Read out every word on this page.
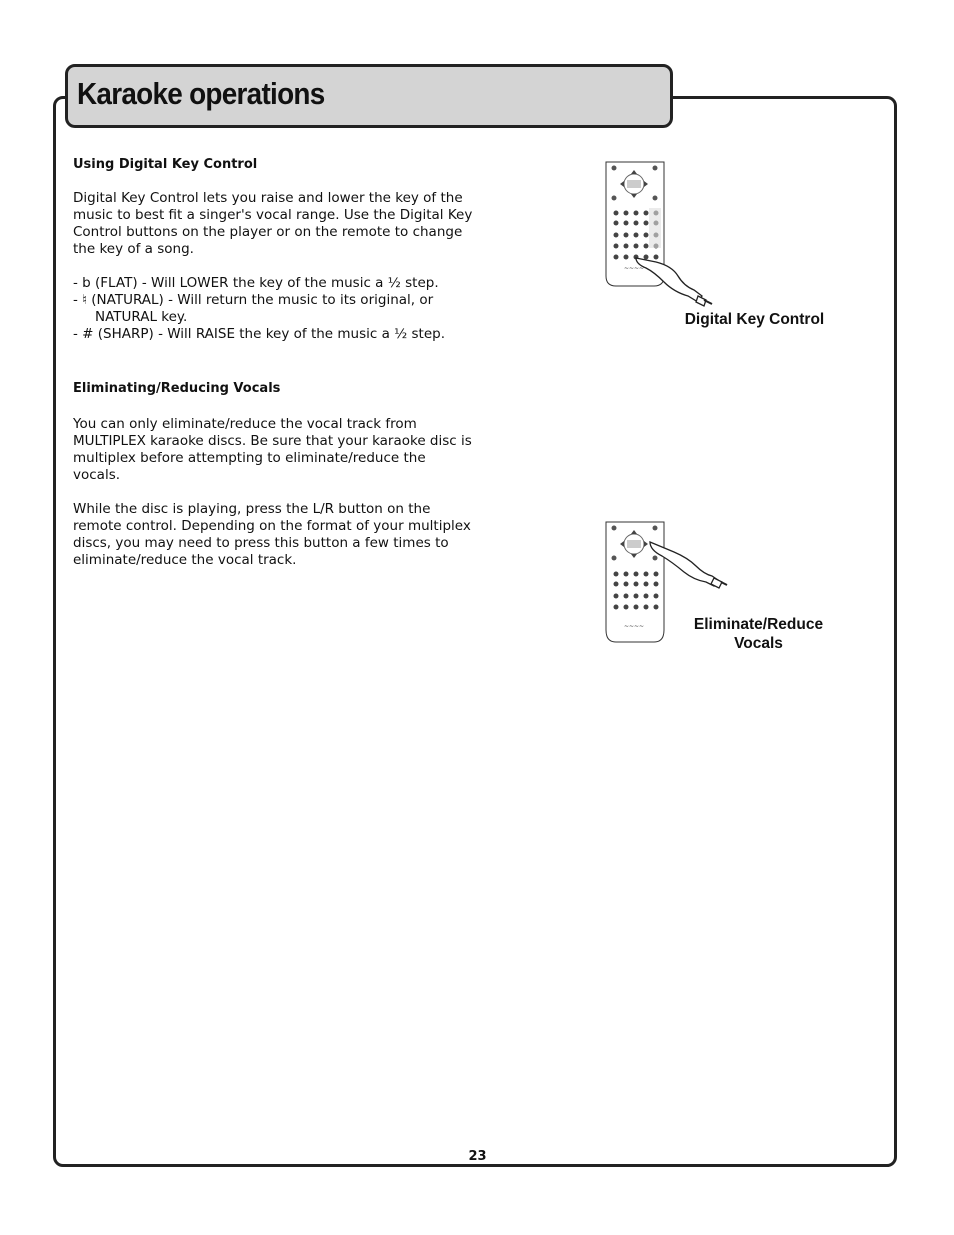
Karaoke operations

Using Digital Key Control

Digital Key Control lets you raise and lower the key of the music to best fit a singer's vocal range. Use the Digital Key Control buttons on the player or on the remote to change the key of a song.

- b (FLAT) - Will LOWER the key of the music a ½ step.

- ♮ (NATURAL) - Will return the music to its original, or

NATURAL key.

- # (SHARP) - Will RAISE the key of the music a ½ step.

Eliminating/Reducing Vocals

You can only eliminate/reduce the vocal track from MULTIPLEX karaoke discs. Be sure that your karaoke disc is multiplex before attempting to eliminate/reduce the vocals.

While the disc is playing, press the L/R button on the remote control. Depending on the format of your multiplex discs, you may need to press this button a few times to eliminate/reduce the vocal track.

~~~~
~~~~
Digital Key Control
Eliminate/Reduce
Vocals
23
